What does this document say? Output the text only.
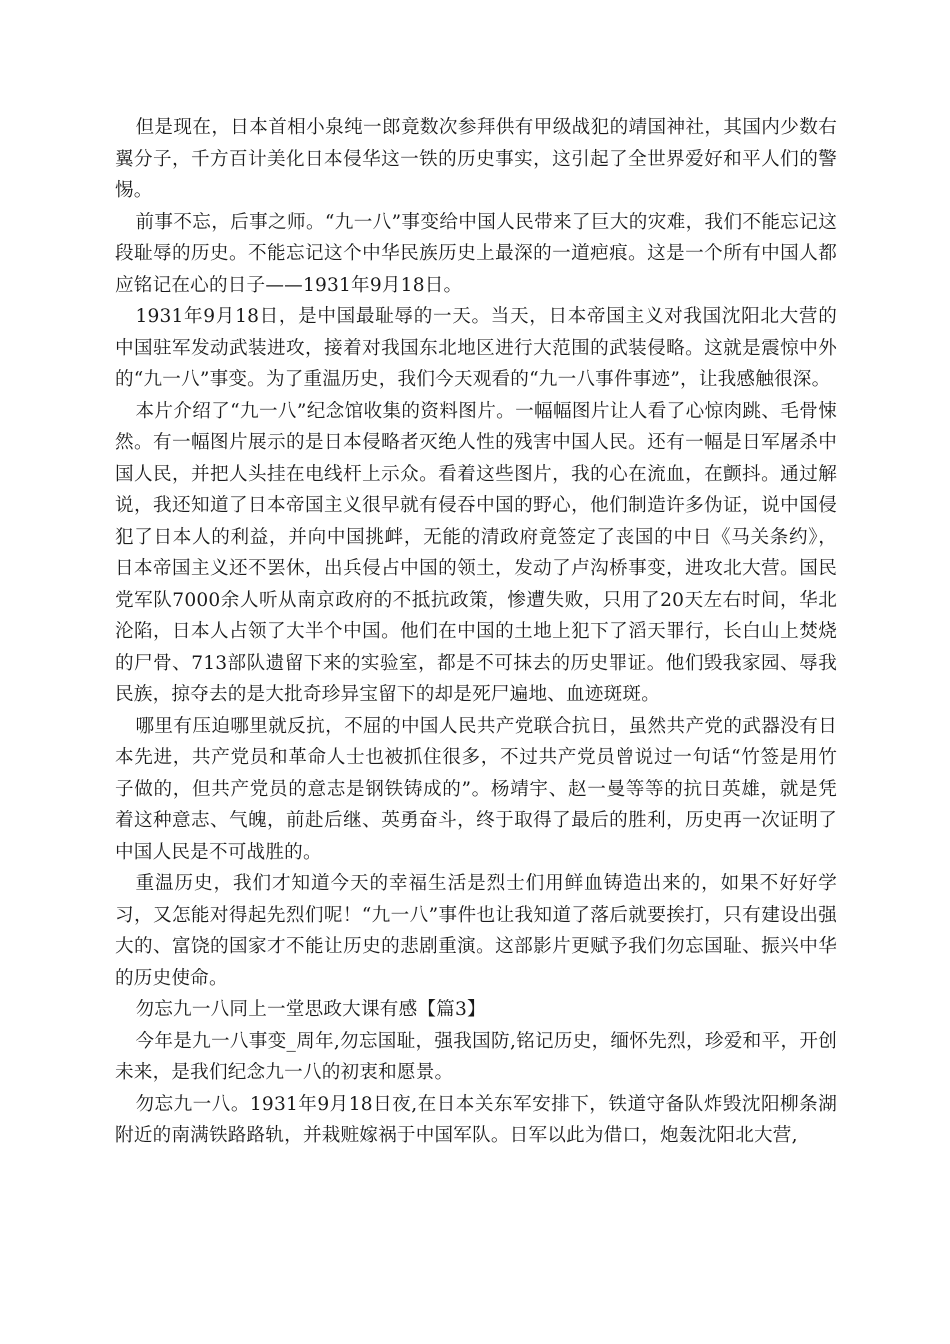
但是现在，日本首相小泉纯一郎竟数次参拜供有甲级战犯的靖国神社，其国内少数右翼分子，千方百计美化日本侵华这一铁的历史事实，这引起了全世界爱好和平人们的警惕。

前事不忘，后事之师。“九一八”事变给中国人民带来了巨大的灾难，我们不能忘记这段耻辱的历史。不能忘记这个中华民族历史上最深的一道疤痕。这是一个所有中国人都应铭记在心的日子——1931年9月18日。

1931年9月18日，是中国最耻辱的一天。当天，日本帝国主义对我国沈阳北大营的中国驻军发动武装进攻，接着对我国东北地区进行大范围的武装侵略。这就是震惊中外的“九一八”事变。为了重温历史，我们今天观看的“九一八事件事迹”，让我感触很深。

本片介绍了“九一八”纪念馆收集的资料图片。一幅幅图片让人看了心惊肉跳、毛骨悚然。有一幅图片展示的是日本侵略者灭绝人性的残害中国人民。还有一幅是日军屠杀中国人民，并把人头挂在电线杆上示众。看着这些图片，我的心在流血，在颤抖。通过解说，我还知道了日本帝国主义很早就有侵吞中国的野心，他们制造许多伪证，说中国侵犯了日本人的利益，并向中国挑衅，无能的清政府竟签定了丧国的中日《马关条约》，日本帝国主义还不罢休，出兵侵占中国的领土，发动了卢沟桥事变，进攻北大营。国民党军队7000余人听从南京政府的不抵抗政策，惨遭失败，只用了20天左右时间，华北沦陷，日本人占领了大半个中国。他们在中国的土地上犯下了滔天罪行，长白山上焚烧的尸骨、713部队遗留下来的实验室，都是不可抹去的历史罪证。他们毁我家园、辱我民族，掠夺去的是大批奇珍异宝留下的却是死尸遍地、血迹斑斑。

哪里有压迫哪里就反抗，不屈的中国人民共产党联合抗日，虽然共产党的武器没有日本先进，共产党员和革命人士也被抓住很多，不过共产党员曾说过一句话“竹签是用竹子做的，但共产党员的意志是钢铁铸成的”。杨靖宇、赵一曼等等的抗日英雄，就是凭着这种意志、气魄，前赴后继、英勇奋斗，终于取得了最后的胜利，历史再一次证明了中国人民是不可战胜的。

重温历史，我们才知道今天的幸福生活是烈士们用鲜血铸造出来的，如果不好好学习，又怎能对得起先烈们呢！“九一八”事件也让我知道了落后就要挨打，只有建设出强大的、富饶的国家才不能让历史的悲剧重演。这部影片更赋予我们勿忘国耻、振兴中华的历史使命。

勿忘九一八同上一堂思政大课有感【篇3】

今年是九一八事变_周年,勿忘国耻，强我国防,铭记历史，缅怀先烈，珍爱和平，开创未来，是我们纪念九一八的初衷和愿景。

勿忘九一八。1931年9月18日夜,在日本关东军安排下，铁道守备队炸毁沈阳柳条湖附近的南满铁路路轨，并栽赃嫁祸于中国军队。日军以此为借口，炮轰沈阳北大营,
